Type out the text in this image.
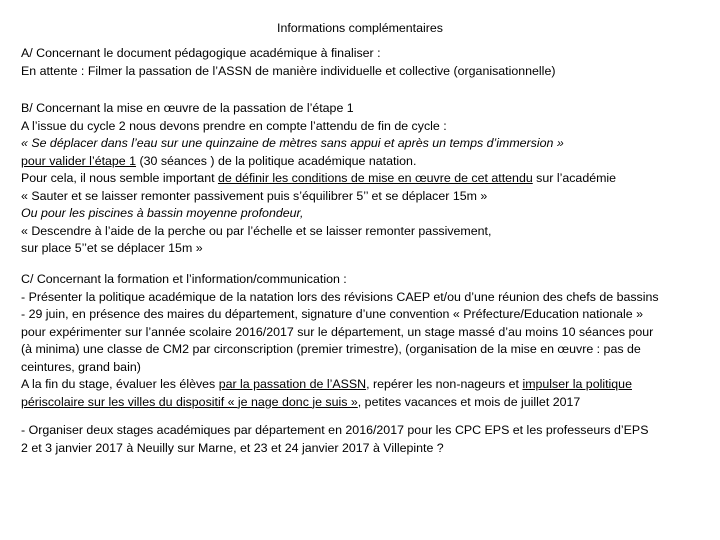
Informations complémentaires
A/ Concernant le document pédagogique académique à finaliser :
En attente : Filmer la passation de l’ASSN de manière individuelle et collective (organisationnelle)
B/ Concernant la mise en œuvre de la passation de l’étape 1
A l’issue du cycle 2 nous devons prendre en compte l’attendu de fin de cycle :
« Se déplacer dans l’eau sur une quinzaine de mètres sans appui et après un temps d’immersion »
pour valider l’étape 1 (30 séances ) de la politique académique natation.
Pour cela, il nous semble important de définir les conditions de mise en œuvre de cet attendu sur l’académie
« Sauter et se laisser remonter passivement puis s’équilibrer 5’’ et se déplacer 15m »
Ou pour les piscines à bassin moyenne profondeur,
« Descendre à l’aide de la perche ou par l’échelle et se laisser remonter passivement,
sur place 5’’et se déplacer 15m »
C/ Concernant la formation et l’information/communication :
- Présenter la politique académique de la natation lors des révisions CAEP et/ou d’une réunion des chefs de bassins
- 29 juin, en présence des maires du département, signature d’une convention « Préfecture/Education nationale »
pour expérimenter sur l’année scolaire 2016/2017 sur le département, un stage massé d’au moins 10 séances pour
(à minima) une classe de CM2 par circonscription (premier trimestre), (organisation de la mise en œuvre : pas de
ceintures, grand bain)
A la fin du stage, évaluer les élèves par la passation de l’ASSN, repérer les non-nageurs et impulser la politique
périscolaire sur les villes du dispositif « je nage donc je suis », petites vacances et mois de juillet 2017
- Organiser deux stages académiques par département en 2016/2017 pour les CPC EPS et les professeurs d’EPS
2 et 3 janvier 2017 à Neuilly sur Marne, et 23 et 24 janvier 2017 à Villepinte ?
